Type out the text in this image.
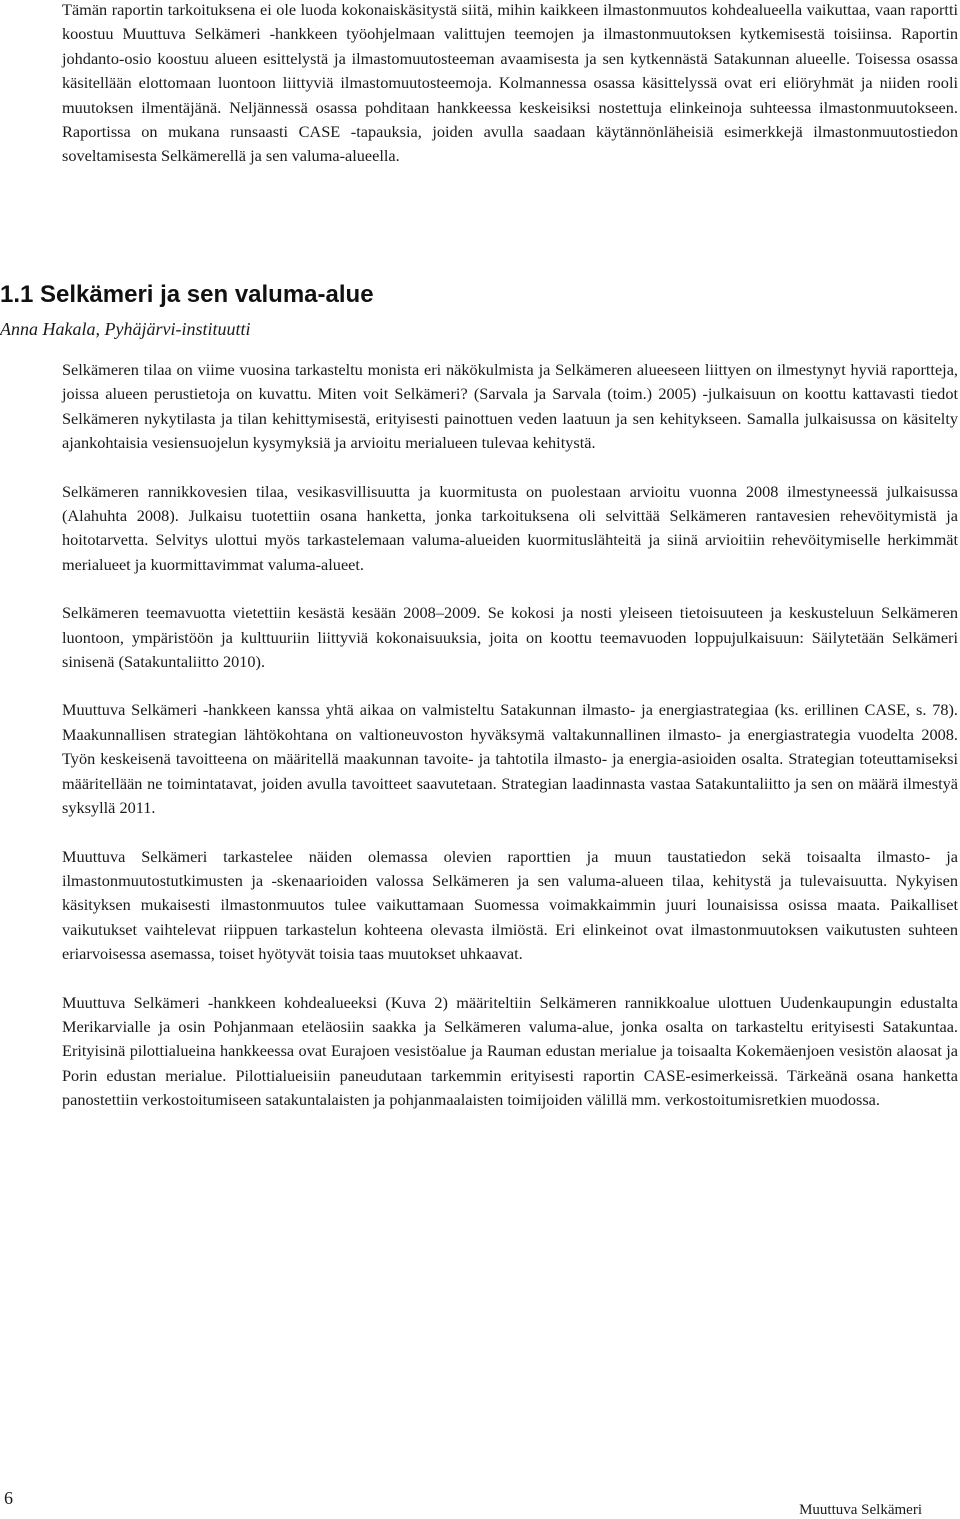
Tämän raportin tarkoituksena ei ole luoda kokonaiskäsitystä siitä, mihin kaikkeen ilmastonmuutos kohdealueella vaikuttaa, vaan raportti koostuu Muuttuva Selkämeri -hankkeen työohjelmaan valittujen teemojen ja ilmastonmuutoksen kytkemisestä toisiinsa. Raportin johdanto-osio koostuu alueen esittelystä ja ilmastomuutosteeman avaamisesta ja sen kytkennästä Satakunnan alueelle. Toisessa osassa käsitellään elottomaan luontoon liittyviä ilmastomuutosteemoja. Kolmannessa osassa käsittelyssä ovat eri eliöryhmät ja niiden rooli muutoksen ilmentäjänä. Neljännessä osassa pohditaan hankkeessa keskeisiksi nostettuja elinkeinoja suhteessa ilmastonmuutokseen. Raportissa on mukana runsaasti CASE -tapauksia, joiden avulla saadaan käytännönläheisiä esimerkkejä ilmastonmuutostiedon soveltamisesta Selkämerellä ja sen valuma-alueella.

1.1 Selkämeri ja sen valuma-alue
Anna Hakala, Pyhäjärvi-instituutti

Selkämeren tilaa on viime vuosina tarkasteltu monista eri näkökulmista ja Selkämeren alueeseen liittyen on ilmestynyt hyviä raportteja, joissa alueen perustietoja on kuvattu. Miten voit Selkämeri? (Sarvala ja Sarvala (toim.) 2005) -julkaisuun on koottu kattavasti tiedot Selkämeren nykytilasta ja tilan kehittymisestä, erityisesti painottuen veden laatuun ja sen kehitykseen. Samalla julkaisussa on käsitelty ajankohtaisia vesiensuojelun kysymyksiä ja arvioitu merialueen tulevaa kehitystä.

Selkämeren rannikkovesien tilaa, vesikasvillisuutta ja kuormitusta on puolestaan arvioitu vuonna 2008 ilmestyneessä julkaisussa (Alahuhta 2008). Julkaisu tuotettiin osana hanketta, jonka tarkoituksena oli selvittää Selkämeren rantavesien rehevöitymistä ja hoitotarvetta. Selvitys ulottui myös tarkastelemaan valuma-alueiden kuormituslähteitä ja siinä arvioitiin rehevöitymiselle herkimmät merialueet ja kuormittavimmat valuma-alueet.

Selkämeren teemavuotta vietettiin kesästä kesään 2008–2009. Se kokosi ja nosti yleiseen tietoisuuteen ja keskusteluun Selkämeren luontoon, ympäristöön ja kulttuuriin liittyviä kokonaisuuksia, joita on koottu teemavuoden loppujulkaisuun: Säilytetään Selkämeri sinisenä (Satakuntaliitto 2010).

Muuttuva Selkämeri -hankkeen kanssa yhtä aikaa on valmisteltu Satakunnan ilmasto- ja energiastrategiaa (ks. erillinen CASE, s. 78). Maakunnallisen strategian lähtökohtana on valtioneuvoston hyväksymä valtakunnallinen ilmasto- ja energiastrategia vuodelta 2008. Työn keskeisenä tavoitteena on määritellä maakunnan tavoite- ja tahtotila ilmasto- ja energia-asioiden osalta. Strategian toteuttamiseksi määritellään ne toimintatavat, joiden avulla tavoitteet saavutetaan. Strategian laadinnasta vastaa Satakuntaliitto ja sen on määrä ilmestyä syksyllä 2011.

Muuttuva Selkämeri tarkastelee näiden olemassa olevien raporttien ja muun taustatiedon sekä toisaalta ilmasto- ja ilmastonmuutostutkimusten ja -skenaarioiden valossa Selkämeren ja sen valuma-alueen tilaa, kehitystä ja tulevaisuutta. Nykyisen käsityksen mukaisesti ilmastonmuutos tulee vaikuttamaan Suomessa voimakkaimmin juuri lounaisissa osissa maata. Paikalliset vaikutukset vaihtelevat riippuen tarkastelun kohteena olevasta ilmiöstä. Eri elinkeinot ovat ilmastonmuutoksen vaikutusten suhteen eriarvoisessa asemassa, toiset hyötyvät toisia taas muutokset uhkaavat.

Muuttuva Selkämeri -hankkeen kohdealueeksi (Kuva 2) määriteltiin Selkämeren rannikkoalue ulottuen Uudenkaupungin edustalta Merikarvialle ja osin Pohjanmaan eteläosiin saakka ja Selkämeren valuma-alue, jonka osalta on tarkasteltu erityisesti Satakuntaa. Erityisinä pilottialueina hankkeessa ovat Eurajoen vesistöalue ja Rauman edustan merialue ja toisaalta Kokemäenjoen vesistön alaosat ja Porin edustan merialue. Pilottialueisiin paneudutaan tarkemmin erityisesti raportin CASE-esimerkeissä. Tärkeänä osana hanketta panostettiin verkostoitumiseen satakuntalaisten ja pohjanmaalaisten toimijoiden välillä mm. verkostoitumisretkien muodossa.

6
Muuttuva Selkämeri
